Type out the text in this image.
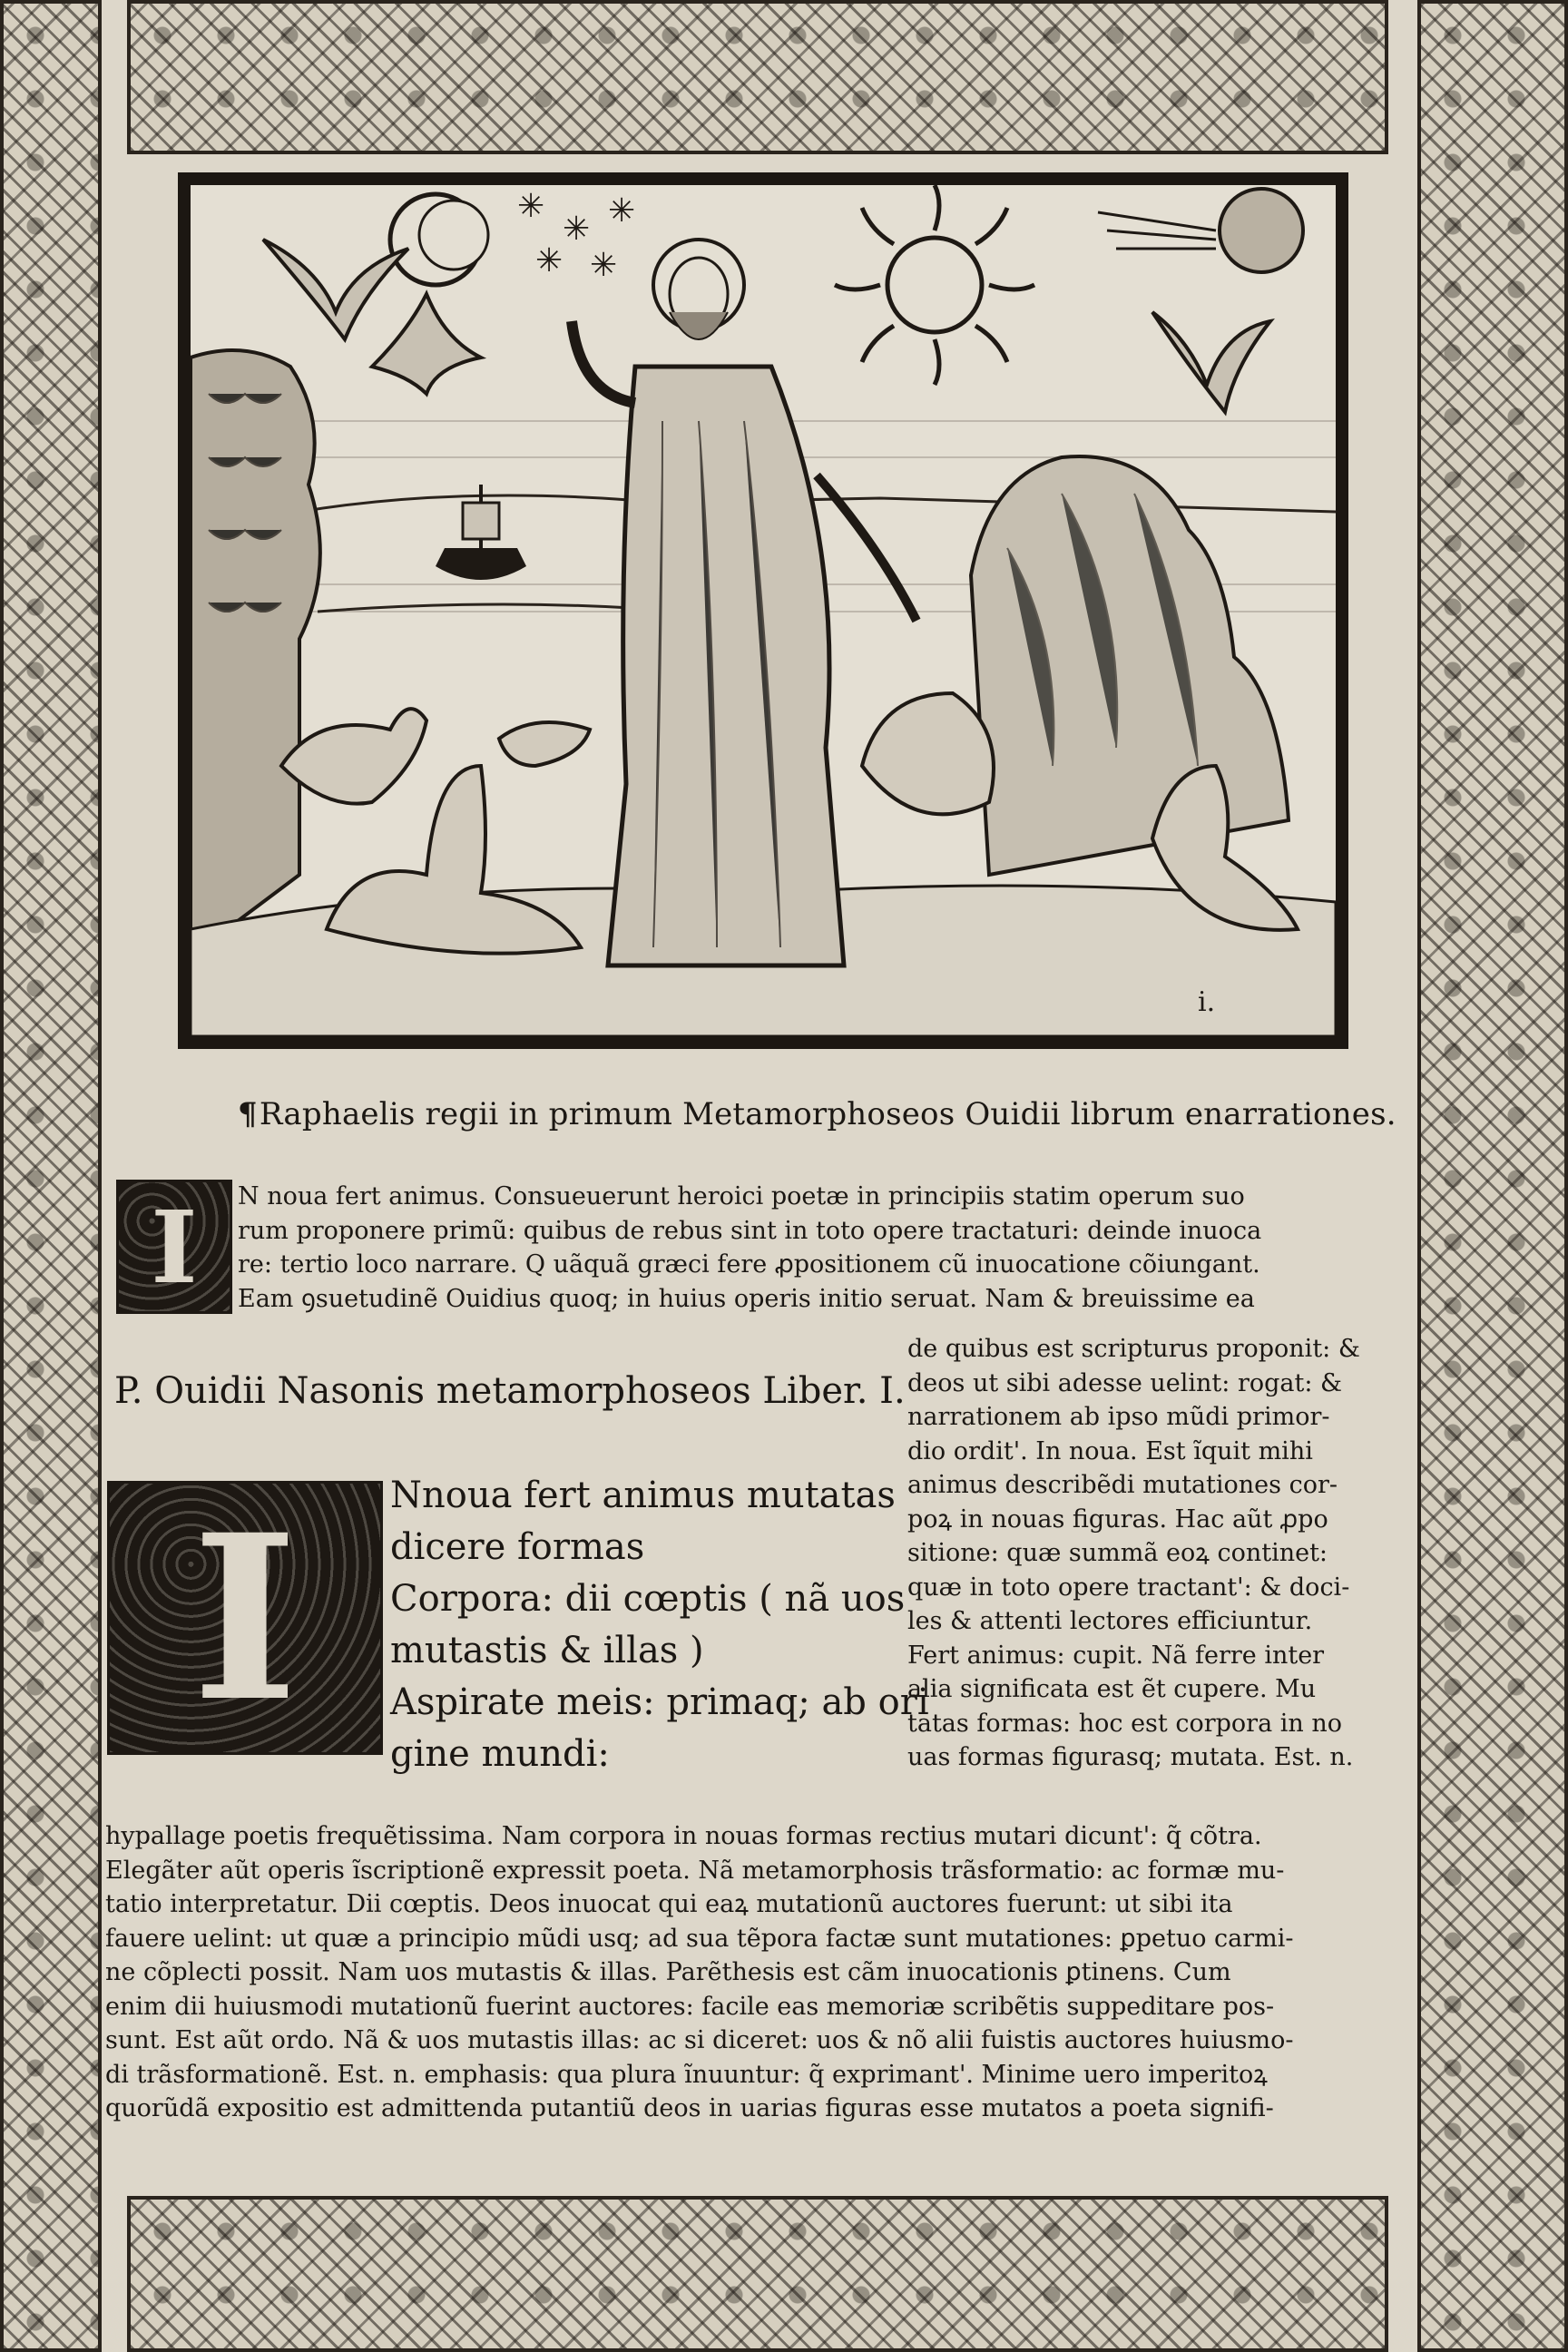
✳
✳ ✳
✳ ✳
i.
¶Raphaelis regii in primum Metamorphoseos Ouidii librum enarrationes.
I	N noua fert animus. Consueuerunt heroici poetæ in principiis statim operum suo
rum proponere primũ: quibus de rebus sint in toto opere tractaturi: deinde inuoca
re: tertio loco narrare. Q uãquã græci fere ꝓpositionem cũ inuocatione cõiungant.
Eam ꝯsuetudinẽ Ouidius quoq; in huius operis initio seruat. Nam & breuissime ea
P. Ouidii Nasonis metamorphoseos Liber. I.
de quibus est scripturus proponit: &
deos ut sibi adesse uelint: rogat: &
narrationem ab ipso mũdi primor-
dio ordit'. In noua. Est ĩquit mihi
animus describẽdi mutationes cor-
poꝝ in nouas figuras. Hac aũt ꝓpo
sitione: quæ summã eoꝝ continet:
quæ in toto opere tractant': & doci-
les & attenti lectores efficiuntur.
Fert animus: cupit. Nã ferre inter
alia significata est ẽt cupere. Mu
tatas formas: hoc est corpora in no
uas formas figurasq; mutata. Est. n.
I	Nnoua fert animus mutatas
dicere formas
Corpora: dii cœptis ( nã uos
mutastis & illas )
Aspirate meis: primaq; ab ori
gine mundi:
hypallage poetis frequẽtissima. Nam corpora in nouas formas rectius mutari dicunt': q̃ cõtra.
Elegãter aũt operis ĩscriptionẽ expressit poeta. Nã metamorphosis trãsformatio: ac formæ mu-
tatio interpretatur. Dii cœptis. Deos inuocat qui eaꝝ mutationũ auctores fuerunt: ut sibi ita
fauere uelint: ut quæ a principio mũdi usq; ad sua tẽpora factæ sunt mutationes: ꝑpetuo carmi-
ne cõplecti possit. Nam uos mutastis & illas. Parẽthesis est cãm inuocationis ꝑtinens. Cum
enim dii huiusmodi mutationũ fuerint auctores: facile eas memoriæ scribẽtis suppeditare pos-
sunt. Est aũt ordo. Nã & uos mutastis illas: ac si diceret: uos & nõ alii fuistis auctores huiusmo-
di trãsformationẽ. Est. n. emphasis: qua plura ĩnuuntur: q̃ exprimant'. Minime uero imperitoꝝ
quorũdã expositio est admittenda putantiũ deos in uarias figuras esse mutatos a poeta signifi-
